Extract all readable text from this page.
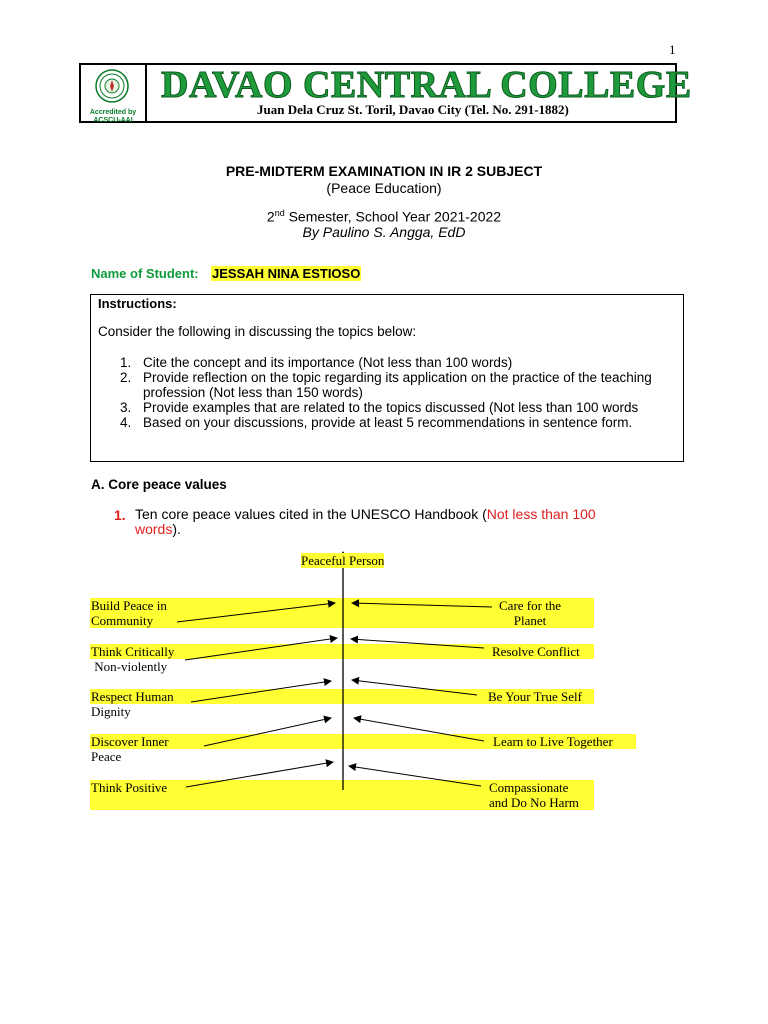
1
Accredited by ACSCU-AAI
DAVAO CENTRAL COLLEGE
Juan Dela Cruz St. Toril, Davao City (Tel. No. 291-1882)
PRE-MIDTERM EXAMINATION IN IR 2 SUBJECT
(Peace Education)
2nd Semester, School Year 2021-2022
By Paulino S. Angga, EdD
Name of Student: JESSAH NINA ESTIOSO
Instructions:
Consider the following in discussing the topics below:
1. Cite the concept and its importance (Not less than 100 words)
2. Provide reflection on the topic regarding its application on the practice of the teaching profession (Not less than 150 words)
3. Provide examples that are related to the topics discussed (Not less than 100 words
4. Based on your discussions, provide at least 5 recommendations in sentence form.
A. Core peace values
1. Ten core peace values cited in the UNESCO Handbook (Not less than 100 words).
Peaceful Person
Build Peace in
Community
Think Critically
Non-violently
Respect Human
Dignity
Discover Inner
Peace
Think Positive
Care for the
Planet
Resolve Conflict
Be Your True Self
Learn to Live Together
Compassionate
and Do No Harm
